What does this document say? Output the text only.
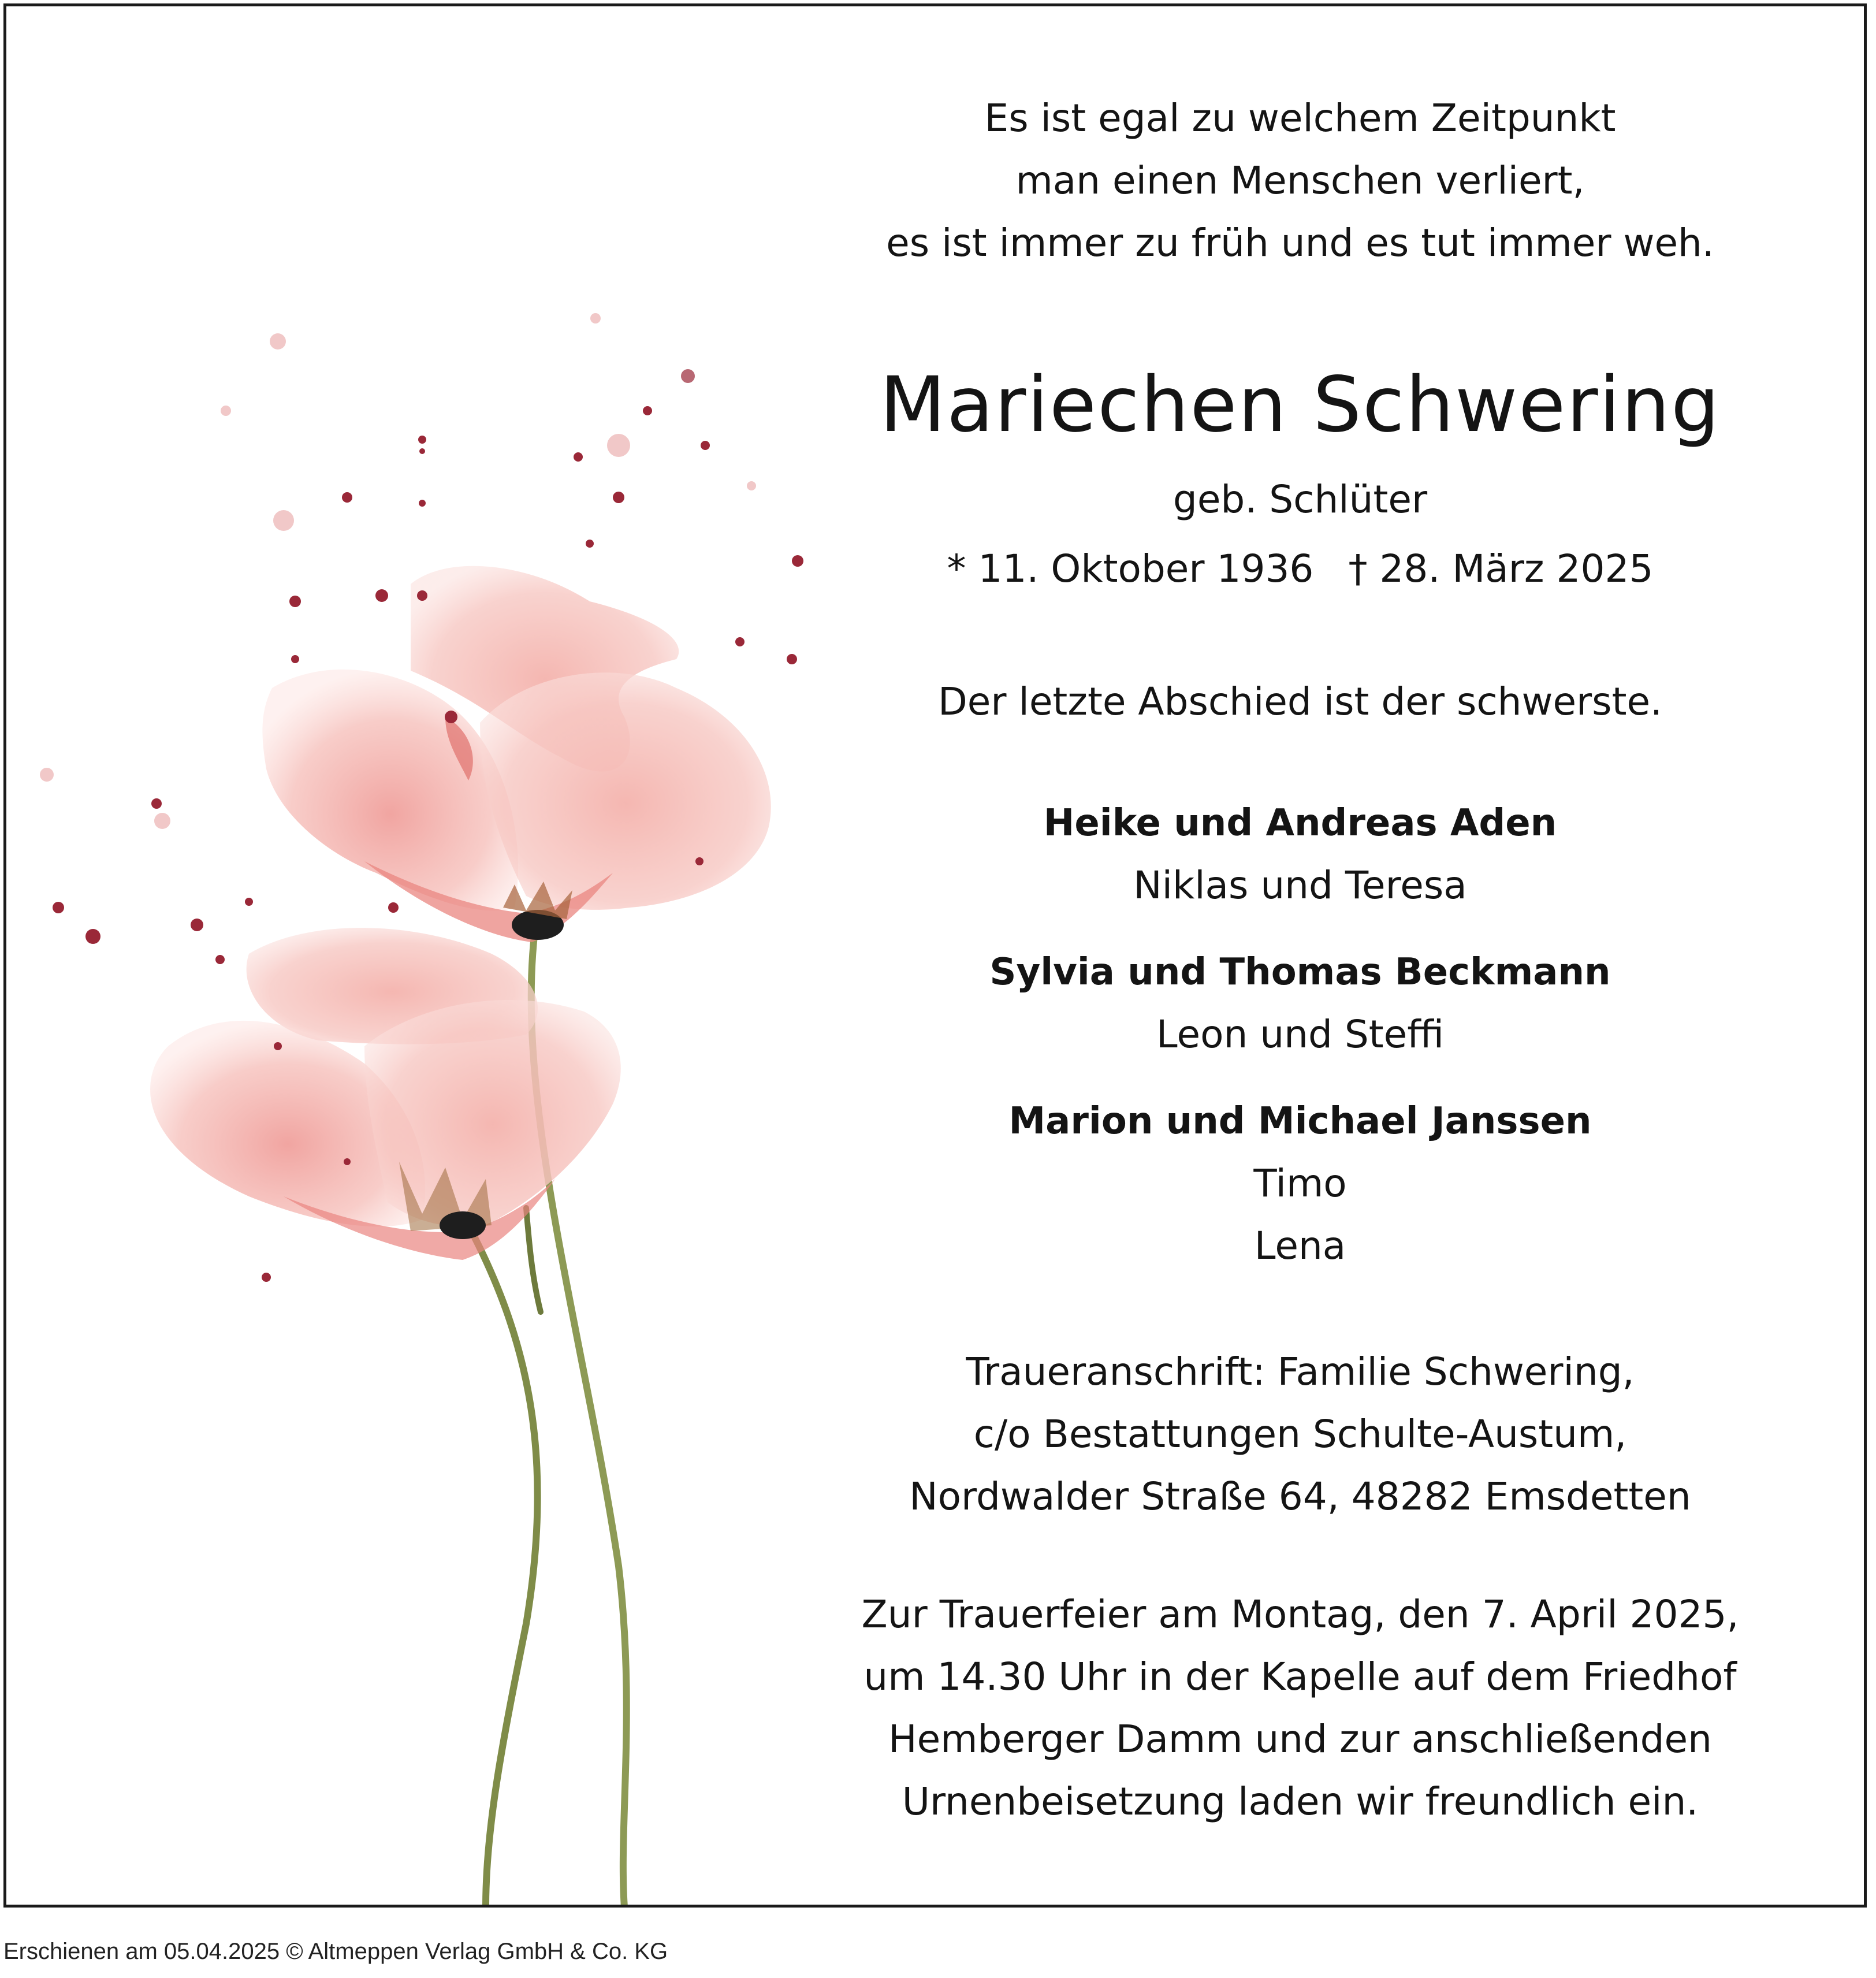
Es ist egal zu welchem Zeitpunkt
man einen Menschen verliert,
es ist immer zu früh und es tut immer weh.
Mariechen Schwering
geb. Schlüter
* 11. Oktober 1936 † 28. März 2025
Der letzte Abschied ist der schwerste.
Heike und Andreas Aden
Niklas und Teresa
Sylvia und Thomas Beckmann
Leon und Steffi
Marion und Michael Janssen
Timo
Lena
Traueranschrift: Familie Schwering,
c/o Bestattungen Schulte-Austum,
Nordwalder Straße 64, 48282 Emsdetten
Zur Trauerfeier am Montag, den 7. April 2025,
um 14.30 Uhr in der Kapelle auf dem Friedhof
Hemberger Damm und zur anschließenden
Urnenbeisetzung laden wir freundlich ein.
Erschienen am 05.04.2025 © Altmeppen Verlag GmbH & Co. KG
